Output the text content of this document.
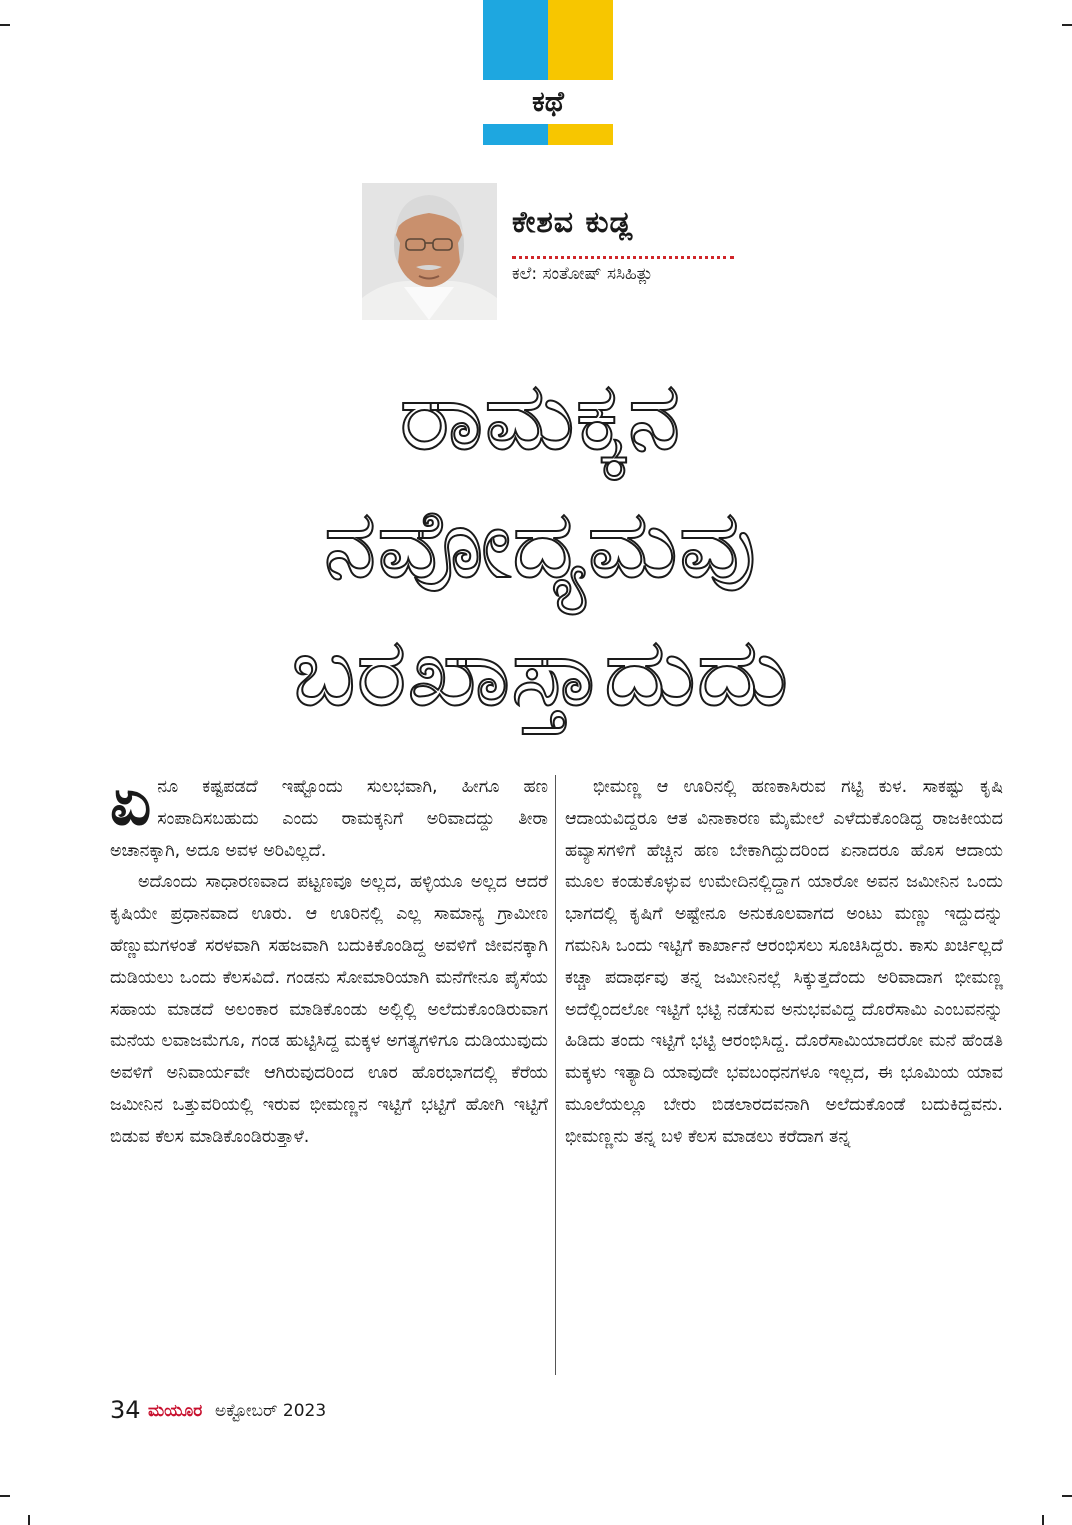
ಕಥೆ
ಕೇಶವ ಕುಡ್ಲ
ಕಲೆ: ಸಂತೋಷ್ ಸಸಿಹಿತ್ಲು
ರಾಮಕ್ಕನ
ನವೋದ್ಯಮವು
ಬರಖಾಸ್ತಾದುದು

ಏನೂ ಕಷ್ಟಪಡದೆ ಇಷ್ಟೊಂದು ಸುಲಭವಾಗಿ, ಹೀಗೂ ಹಣ ಸಂಪಾದಿಸಬಹುದು ಎಂದು ರಾಮಕ್ಕನಿಗೆ ಅರಿವಾದದ್ದು ತೀರಾ ಅಚಾನಕ್ಕಾಗಿ, ಅದೂ ಅವಳ ಅರಿವಿಲ್ಲದೆ.

ಅದೊಂದು ಸಾಧಾರಣವಾದ ಪಟ್ಟಣವೂ ಅಲ್ಲದ, ಹಳ್ಳಿಯೂ ಅಲ್ಲದ ಆದರೆ ಕೃಷಿಯೇ ಪ್ರಧಾನವಾದ ಊರು. ಆ ಊರಿನಲ್ಲಿ ಎಲ್ಲ ಸಾಮಾನ್ಯ ಗ್ರಾಮೀಣ ಹೆಣ್ಣುಮಗಳಂತೆ ಸರಳವಾಗಿ ಸಹಜವಾಗಿ ಬದುಕಿಕೊಂಡಿದ್ದ ಅವಳಿಗೆ ಜೀವನಕ್ಕಾಗಿ ದುಡಿಯಲು ಒಂದು ಕೆಲಸವಿದೆ. ಗಂಡನು ಸೋಮಾರಿಯಾಗಿ ಮನೆಗೇನೂ ಪೈಸೆಯ ಸಹಾಯ ಮಾಡದೆ ಅಲಂಕಾರ ಮಾಡಿಕೊಂಡು ಅಲ್ಲಿಲ್ಲಿ ಅಲೆದುಕೊಂಡಿರುವಾಗ ಮನೆಯ ಲವಾಜಮೆಗೂ, ಗಂಡ ಹುಟ್ಟಿಸಿದ್ದ ಮಕ್ಕಳ ಅಗತ್ಯಗಳಿಗೂ ದುಡಿಯುವುದು ಅವಳಿಗೆ ಅನಿವಾರ್ಯವೇ ಆಗಿರುವುದರಿಂದ ಊರ ಹೊರಭಾಗದಲ್ಲಿ ಕೆರೆಯ ಜಮೀನಿನ ಒತ್ತುವರಿಯಲ್ಲಿ ಇರುವ ಭೀಮಣ್ಣನ ಇಟ್ಟಿಗೆ ಭಟ್ಟಿಗೆ ಹೋಗಿ ಇಟ್ಟಿಗೆ ಬಿಡುವ ಕೆಲಸ ಮಾಡಿಕೊಂಡಿರುತ್ತಾಳೆ.

ಭೀಮಣ್ಣ ಆ ಊರಿನಲ್ಲಿ ಹಣಕಾಸಿರುವ ಗಟ್ಟಿ ಕುಳ. ಸಾಕಷ್ಟು ಕೃಷಿ ಆದಾಯವಿದ್ದರೂ ಆತ ವಿನಾಕಾರಣ ಮೈಮೇಲೆ ಎಳೆದುಕೊಂಡಿದ್ದ ರಾಜಕೀಯದ ಹವ್ಯಾಸಗಳಿಗೆ ಹೆಚ್ಚಿನ ಹಣ ಬೇಕಾಗಿದ್ದುದರಿಂದ ಏನಾದರೂ ಹೊಸ ಆದಾಯ ಮೂಲ ಕಂಡುಕೊಳ್ಳುವ ಉಮೇದಿನಲ್ಲಿದ್ದಾಗ ಯಾರೋ ಅವನ ಜಮೀನಿನ ಒಂದು ಭಾಗದಲ್ಲಿ ಕೃಷಿಗೆ ಅಷ್ಟೇನೂ ಅನುಕೂಲವಾಗದ ಅಂಟು ಮಣ್ಣು ಇದ್ದುದನ್ನು ಗಮನಿಸಿ ಒಂದು ಇಟ್ಟಿಗೆ ಕಾರ್ಖಾನೆ ಆರಂಭಿಸಲು ಸೂಚಿಸಿದ್ದರು. ಕಾಸು ಖರ್ಚಿಲ್ಲದೆ ಕಚ್ಚಾ ಪದಾರ್ಥವು ತನ್ನ ಜಮೀನಿನಲ್ಲೆ ಸಿಕ್ಕುತ್ತದೆಂದು ಅರಿವಾದಾಗ ಭೀಮಣ್ಣ ಅದೆಲ್ಲಿಂದಲೋ ಇಟ್ಟಿಗೆ ಭಟ್ಟಿ ನಡೆಸುವ ಅನುಭವವಿದ್ದ ದೊರೆಸಾಮಿ ಎಂಬವನನ್ನು ಹಿಡಿದು ತಂದು ಇಟ್ಟಿಗೆ ಭಟ್ಟಿ ಆರಂಭಿಸಿದ್ದ. ದೊರೆಸಾಮಿಯಾದರೋ ಮನೆ ಹೆಂಡತಿ ಮಕ್ಕಳು ಇತ್ಯಾದಿ ಯಾವುದೇ ಭವಬಂಧನಗಳೂ ಇಲ್ಲದ, ಈ ಭೂಮಿಯ ಯಾವ ಮೂಲೆಯಲ್ಲೂ ಬೇರು ಬಿಡಲಾರದವನಾಗಿ ಅಲೆದುಕೊಂಡೆ ಬದುಕಿದ್ದವನು. ಭೀಮಣ್ಣನು ತನ್ನ ಬಳಿ ಕೆಲಸ ಮಾಡಲು ಕರೆದಾಗ ತನ್ನ

34 ಮಯೂರ ಅಕ್ಟೋಬರ್ 2023
